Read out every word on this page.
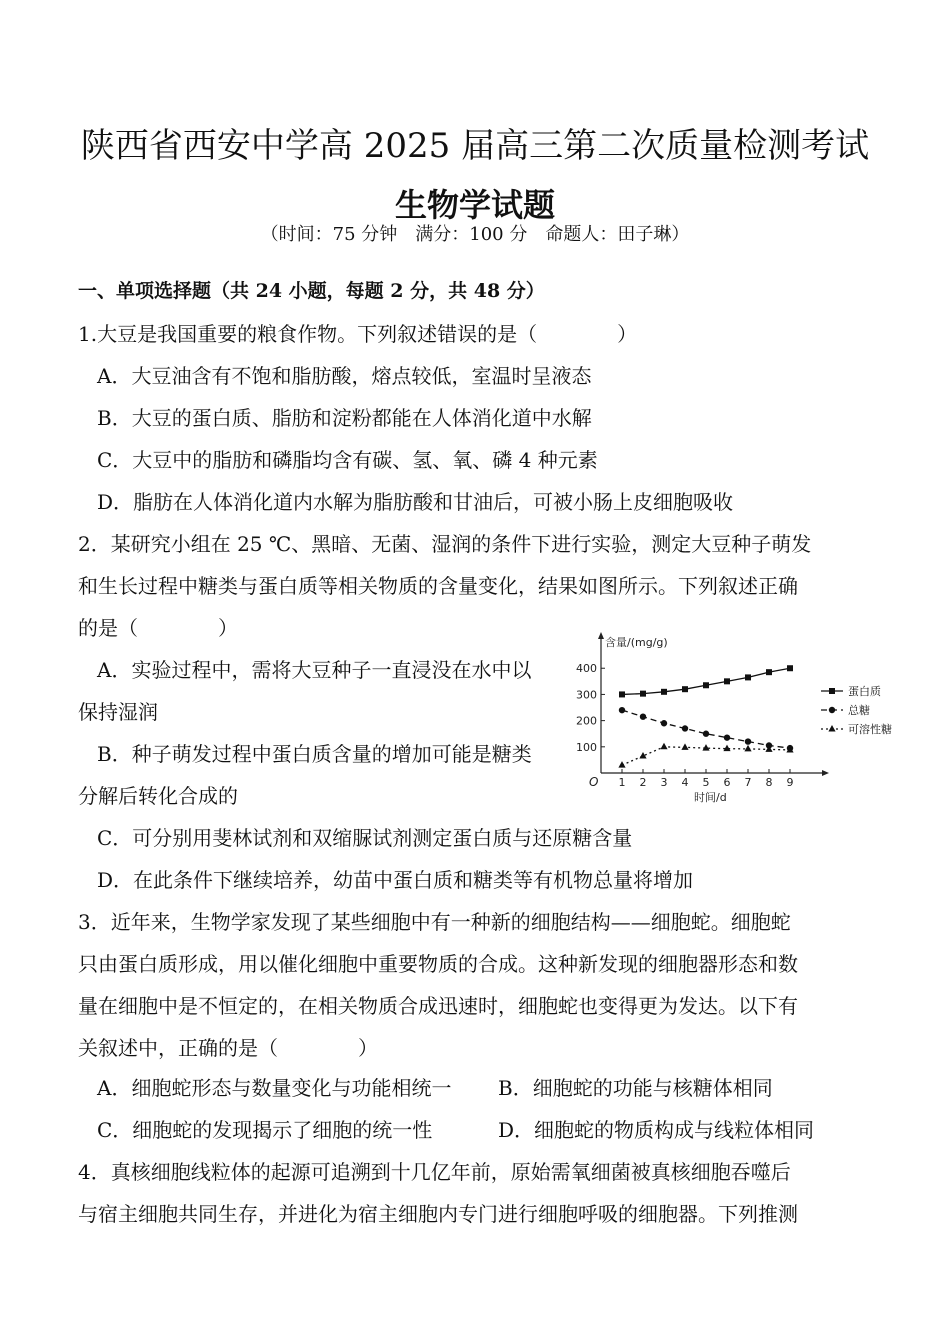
陕西省西安中学高 2025 届高三第二次质量检测考试
生物学试题
（时间：75 分钟　满分：100 分　命题人：田子琳）
一、单项选择题（共 24 小题，每题 2 分，共 48 分）
1.大豆是我国重要的粮食作物。下列叙述错误的是（　　　　）
A．大豆油含有不饱和脂肪酸，熔点较低，室温时呈液态
B．大豆的蛋白质、脂肪和淀粉都能在人体消化道中水解
C．大豆中的脂肪和磷脂均含有碳、氢、氧、磷 4 种元素
D．脂肪在人体消化道内水解为脂肪酸和甘油后，可被小肠上皮细胞吸收
2．某研究小组在 25 ℃、黑暗、无菌、湿润的条件下进行实验，测定大豆种子萌发
和生长过程中糖类与蛋白质等相关物质的含量变化，结果如图所示。下列叙述正确
的是（　　　　）
A．实验过程中，需将大豆种子一直浸没在水中以
保持湿润
B．种子萌发过程中蛋白质含量的增加可能是糖类
分解后转化合成的
C．可分别用斐林试剂和双缩脲试剂测定蛋白质与还原糖含量
D．在此条件下继续培养，幼苗中蛋白质和糖类等有机物总量将增加
含量/(mg/g)
时间/d
O
100
200
300
400
1 2 3 4 5 6 7 8 9
蛋白质
总糖
可溶性糖
3．近年来，生物学家发现了某些细胞中有一种新的细胞结构——细胞蛇。细胞蛇
只由蛋白质形成，用以催化细胞中重要物质的合成。这种新发现的细胞器形态和数
量在细胞中是不恒定的，在相关物质合成迅速时，细胞蛇也变得更为发达。以下有
关叙述中，正确的是（　　　　）
A．细胞蛇形态与数量变化与功能相统一 B．细胞蛇的功能与核糖体相同
C．细胞蛇的发现揭示了细胞的统一性	D．细胞蛇的物质构成与线粒体相同
4．真核细胞线粒体的起源可追溯到十几亿年前，原始需氧细菌被真核细胞吞噬后
与宿主细胞共同生存，并进化为宿主细胞内专门进行细胞呼吸的细胞器。下列推测
